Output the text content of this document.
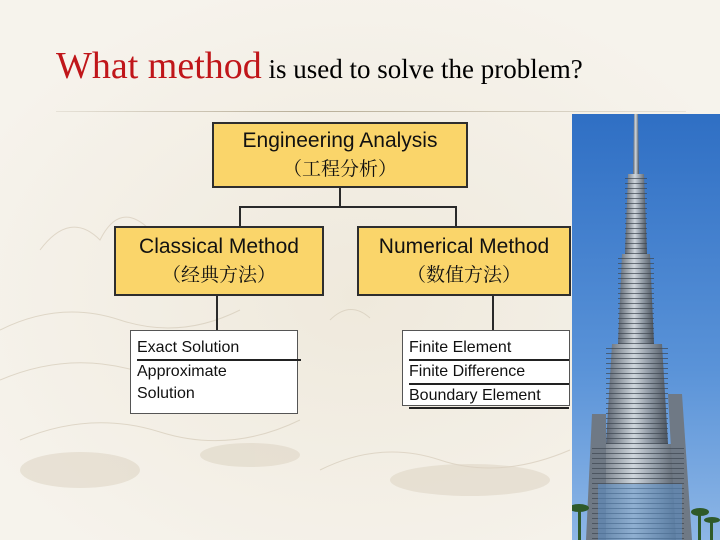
What method is used to solve the problem?
Engineering Analysis
（工程分析）
Classical Method
（经典方法）
Numerical Method
（数值方法）
Exact Solution
Approximate
Solution
Finite Element
Finite Difference
Boundary Element
